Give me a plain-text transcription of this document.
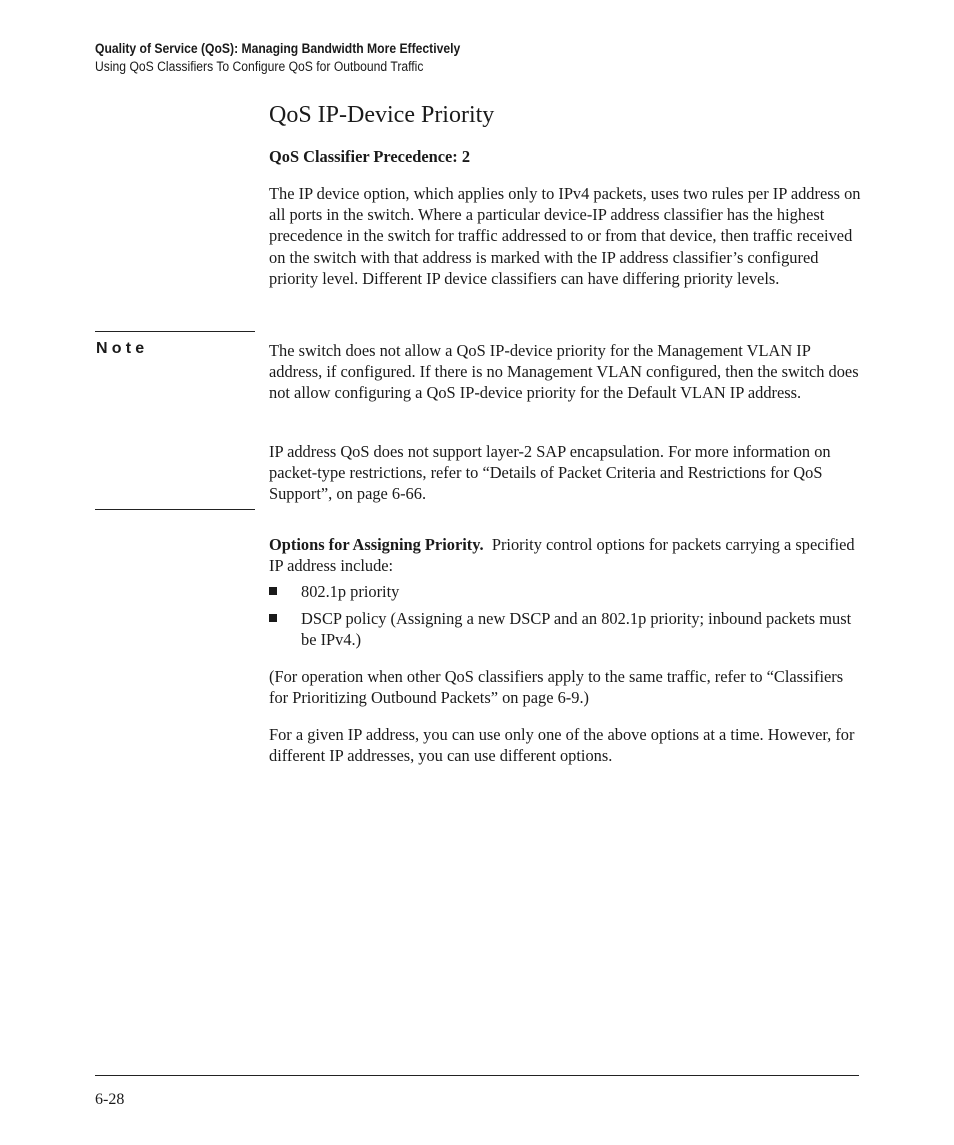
Quality of Service (QoS): Managing Bandwidth More Effectively
Using QoS Classifiers To Configure QoS for Outbound Traffic
QoS IP-Device Priority
QoS Classifier Precedence: 2

The IP device option, which applies only to IPv4 packets, uses two rules per IP address on all ports in the switch. Where a particular device-IP address classifier has the highest precedence in the switch for traffic addressed to or from that device, then traffic received on the switch with that address is marked with the IP address classifier’s configured priority level. Different IP device classifiers can have differing priority levels.

Note	The switch does not allow a QoS IP-device priority for the Management VLAN IP address, if configured. If there is no Management VLAN configured, then the switch does not allow configuring a QoS IP-device priority for the Default VLAN IP address.

IP address QoS does not support layer-2 SAP encapsulation. For more information on packet-type restrictions, refer to “Details of Packet Criteria and Restrictions for QoS Support”, on page 6-66.

Options for Assigning Priority. Priority control options for packets carrying a specified IP address include:

802.1p priority
DSCP policy (Assigning a new DSCP and an 802.1p priority; inbound packets must be IPv4.)

(For operation when other QoS classifiers apply to the same traffic, refer to “Classifiers for Prioritizing Outbound Packets” on page 6-9.)

For a given IP address, you can use only one of the above options at a time. However, for different IP addresses, you can use different options.

6-28
